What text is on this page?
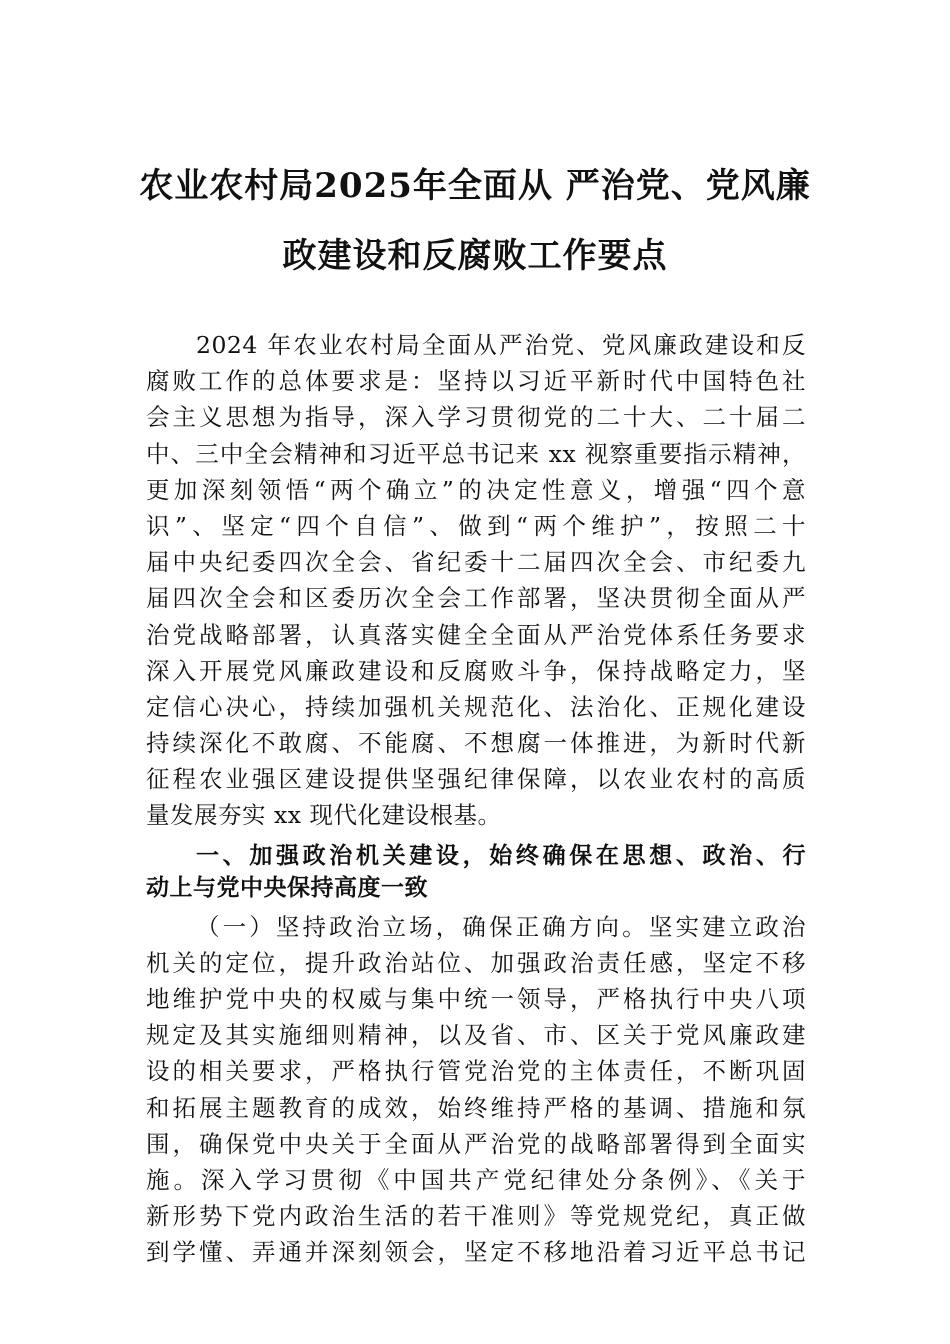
农业农村局2025年全面从 严治党、党风廉
政建设和反腐败工作要点
2024 年农业农村局全面从严治党、党风廉政建设和反
腐败工作的总体要求是：坚持以习近平新时代中国特色社
会主义思想为指导，深入学习贯彻党的二十大、二十届二
中、三中全会精神和习近平总书记来 xx 视察重要指示精神，
更加深刻领悟“两个确立”的决定性意义，增强“四个意
识”、坚定“四个自信”、做到“两个维护”，按照二十
届中央纪委四次全会、省纪委十二届四次全会、市纪委九
届四次全会和区委历次全会工作部署，坚决贯彻全面从严
治党战略部署，认真落实健全全面从严治党体系任务要求
深入开展党风廉政建设和反腐败斗争，保持战略定力，坚
定信心决心，持续加强机关规范化、法治化、正规化建设
持续深化不敢腐、不能腐、不想腐一体推进，为新时代新
征程农业强区建设提供坚强纪律保障，以农业农村的高质
量发展夯实 xx 现代化建设根基。
一、加强政治机关建设，始终确保在思想、政治、行
动上与党中央保持高度一致
（一）坚持政治立场，确保正确方向。坚实建立政治
机关的定位，提升政治站位、加强政治责任感，坚定不移
地维护党中央的权威与集中统一领导，严格执行中央八项
规定及其实施细则精神，以及省、市、区关于党风廉政建
设的相关要求，严格执行管党治党的主体责任，不断巩固
和拓展主题教育的成效，始终维持严格的基调、措施和氛
围，确保党中央关于全面从严治党的战略部署得到全面实
施。深入学习贯彻《中国共产党纪律处分条例》、《关于
新形势下党内政治生活的若干准则》等党规党纪，真正做
到学懂、弄通并深刻领会，坚定不移地沿着习近平总书记
